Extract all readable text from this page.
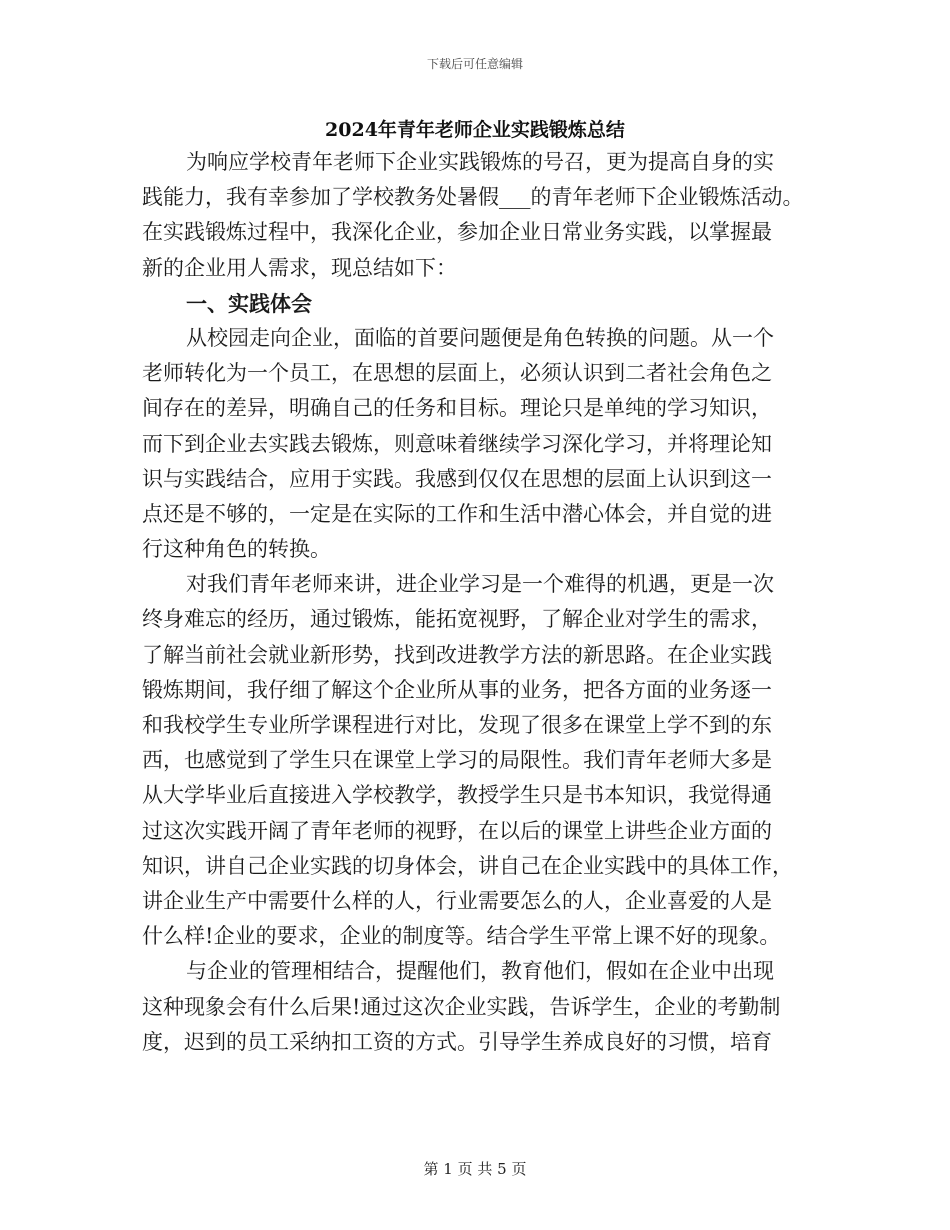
下载后可任意编辑
2024年青年老师企业实践锻炼总结
为响应学校青年老师下企业实践锻炼的号召，更为提高自身的实
践能力，我有幸参加了学校教务处暑假___的青年老师下企业锻炼活动。
在实践锻炼过程中，我深化企业，参加企业日常业务实践，以掌握最
新的企业用人需求，现总结如下：
一、实践体会
从校园走向企业，面临的首要问题便是角色转换的问题。从一个
老师转化为一个员工，在思想的层面上，必须认识到二者社会角色之
间存在的差异，明确自己的任务和目标。理论只是单纯的学习知识，
而下到企业去实践去锻炼，则意味着继续学习深化学习，并将理论知
识与实践结合，应用于实践。我感到仅仅在思想的层面上认识到这一
点还是不够的，一定是在实际的工作和生活中潜心体会，并自觉的进
行这种角色的转换。
对我们青年老师来讲，进企业学习是一个难得的机遇，更是一次
终身难忘的经历，通过锻炼，能拓宽视野，了解企业对学生的需求，
了解当前社会就业新形势，找到改进教学方法的新思路。在企业实践
锻炼期间，我仔细了解这个企业所从事的业务，把各方面的业务逐一
和我校学生专业所学课程进行对比，发现了很多在课堂上学不到的东
西，也感觉到了学生只在课堂上学习的局限性。我们青年老师大多是
从大学毕业后直接进入学校教学，教授学生只是书本知识，我觉得通
过这次实践开阔了青年老师的视野，在以后的课堂上讲些企业方面的
知识，讲自己企业实践的切身体会，讲自己在企业实践中的具体工作，
讲企业生产中需要什么样的人，行业需要怎么的人，企业喜爱的人是
什么样!企业的要求，企业的制度等。结合学生平常上课不好的现象。
与企业的管理相结合，提醒他们，教育他们，假如在企业中出现
这种现象会有什么后果!通过这次企业实践，告诉学生，企业的考勤制
度，迟到的员工采纳扣工资的方式。引导学生养成良好的习惯，培育
第 1 页 共 5 页
